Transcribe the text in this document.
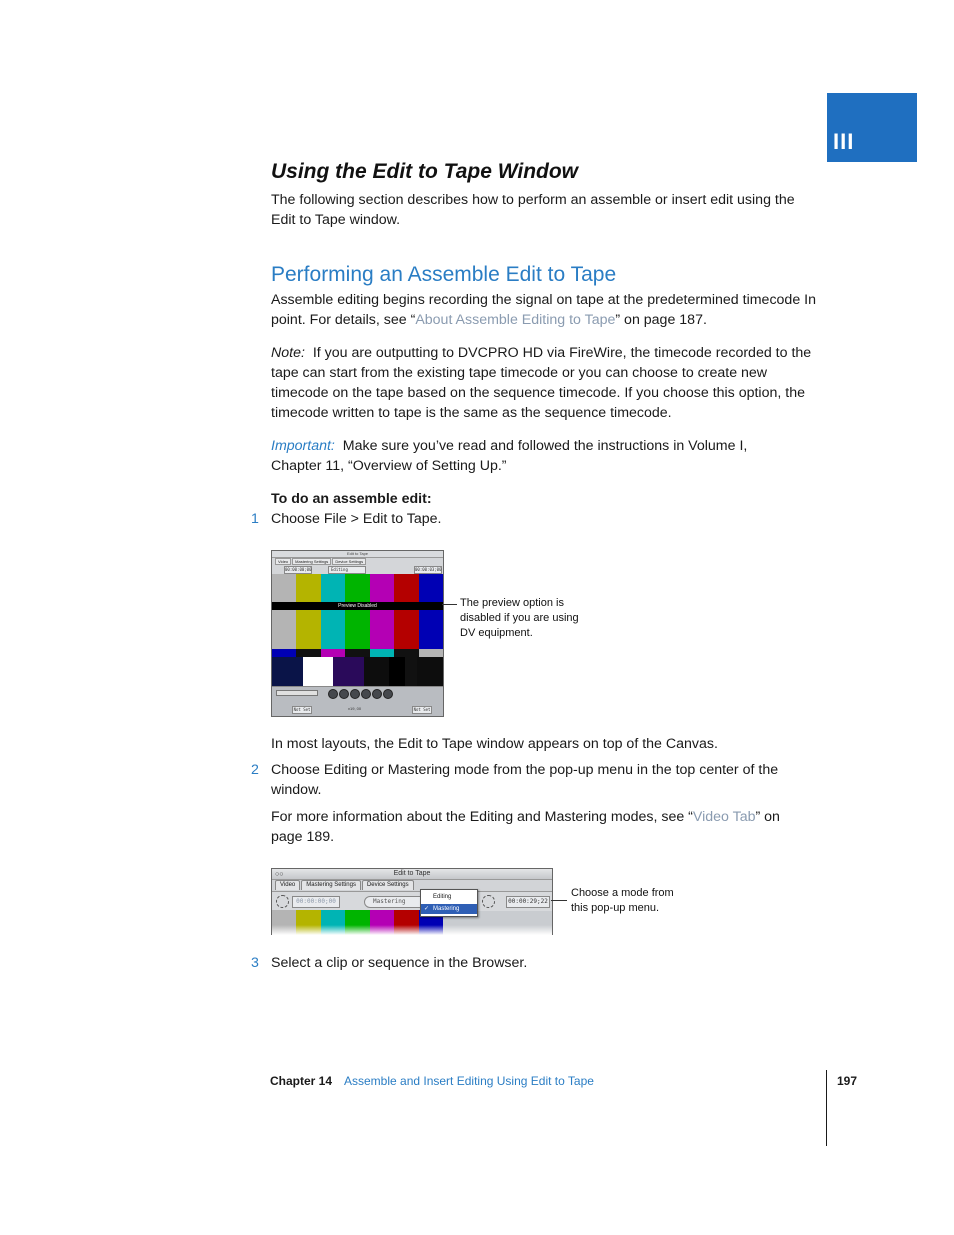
III
Using the Edit to Tape Window
The following section describes how to perform an assemble or insert edit using the Edit to Tape window.
Performing an Assemble Edit to Tape
Assemble editing begins recording the signal on tape at the predetermined timecode In point. For details, see “About Assemble Editing to Tape” on page 187.
Note: If you are outputting to DVCPRO HD via FireWire, the timecode recorded to the tape can start from the existing tape timecode or you can choose to create new timecode on the tape based on the sequence timecode. If you choose this option, the timecode written to tape is the same as the sequence timecode.
Important: Make sure you’ve read and followed the instructions in Volume I, Chapter 11, “Overview of Setting Up.”
To do an assemble edit:
1 Choose File > Edit to Tape.
Edit to Tape
Video Mastering Settings Device Settings
00:00:00;00	Editing	00:00:03;00
Preview Disabled
Not Set	v19, 00	Not Set
The preview option is disabled if you are using DV equipment.
In most layouts, the Edit to Tape window appears on top of the Canvas.
2 Choose Editing or Mastering mode from the pop-up menu in the top center of the window.
For more information about the Editing and Mastering modes, see “Video Tab” on page 189.
○○	Edit to Tape
Video Mastering Settings Device Settings
00:00:00;00	Mastering	00:00:29;22
Editing
✓ Mastering
Choose a mode from this pop-up menu.
3 Select a clip or sequence in the Browser.
Chapter 14 Assemble and Insert Editing Using Edit to Tape	197
